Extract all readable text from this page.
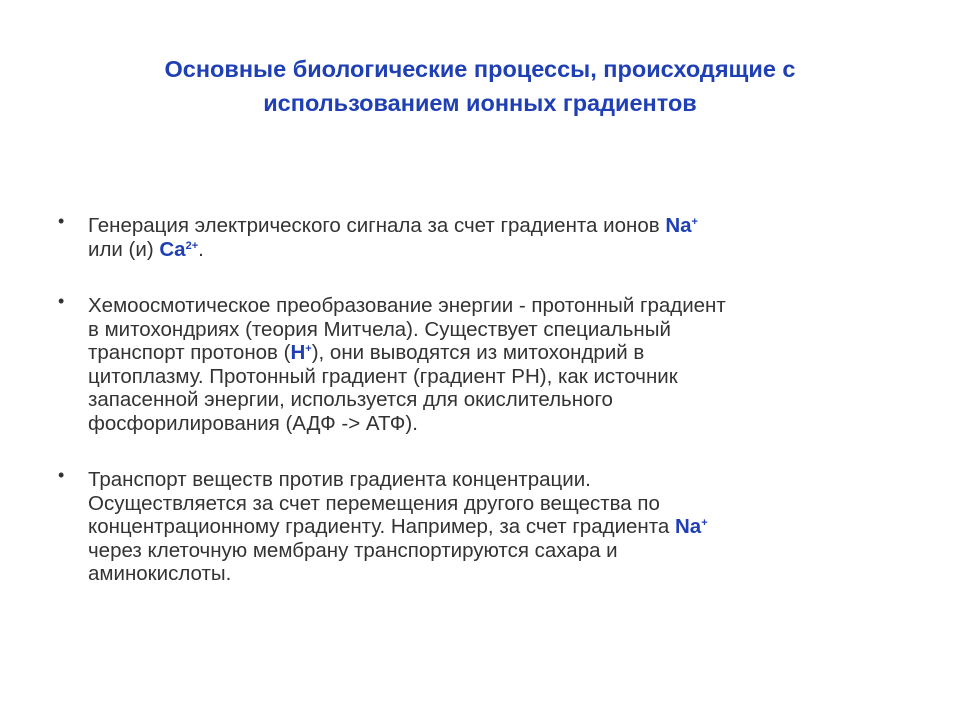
Основные биологические процессы, происходящие с
использованием ионных градиентов
• Генерация электрического сигнала за счет градиента ионов Na+
или (и) $Ca^{2+}$.
• Хемоосмотическое преобразование энергии - протонный градиент
в митохондриях (теория Митчела). Существует специальный
транспорт протонов (H+), они выводятся из митохондрий в
цитоплазму. Протонный градиент (градиент РН), как источник
запасенной энергии, используется для окислительного
фосфорилирования (АДФ -> АТФ).
• Транспорт веществ против градиента концентрации.
Осуществляется за счет перемещения другого вещества по
концентрационному градиенту. Например, за счет градиента Na+
через клеточную мембрану транспортируются сахара и
аминокислоты.
